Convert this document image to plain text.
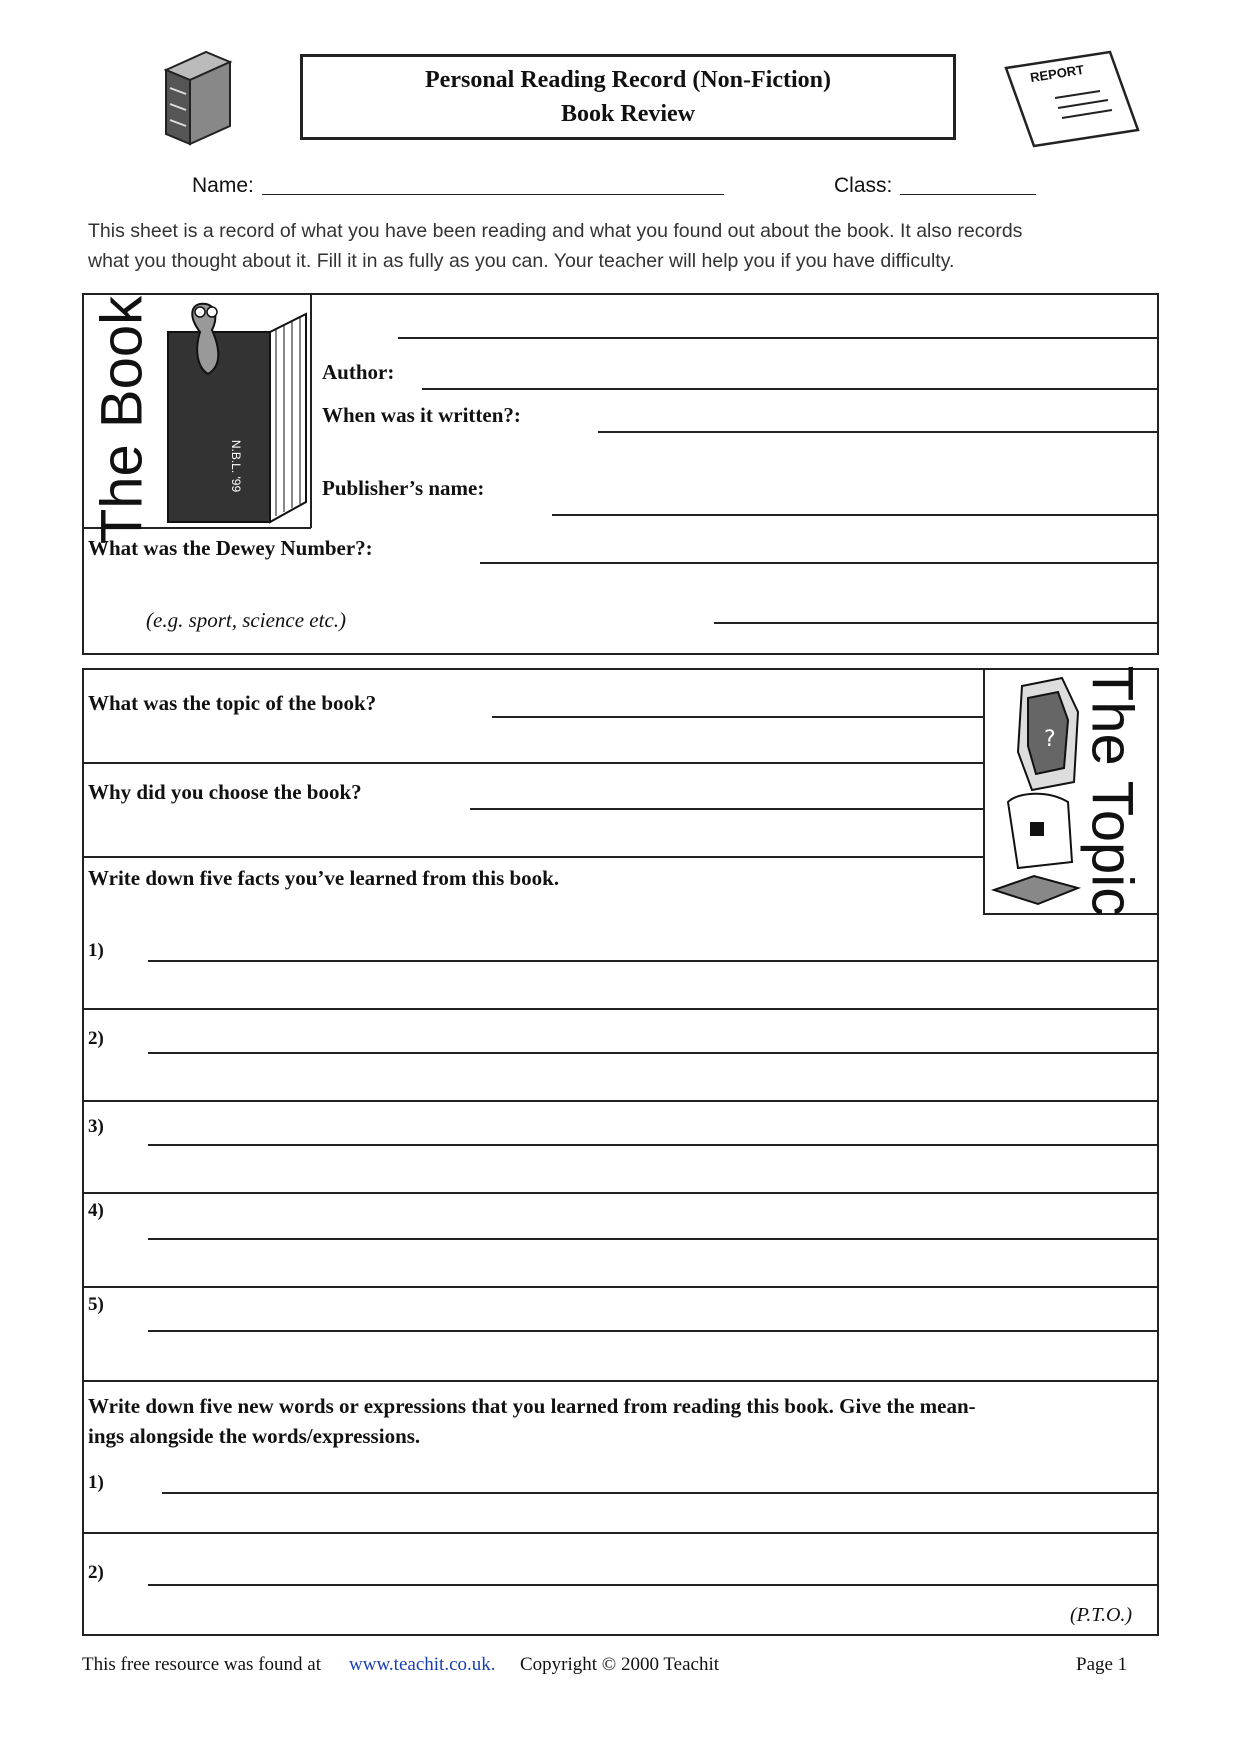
Personal Reading Record (Non-Fiction)
Book Review
REPORT
Name:	Class:
This sheet is a record of what you have been reading and what you found out about the book. It also records
what you thought about it. Fill it in as fully as you can. Your teacher will help you if you have difficulty.
The Book	N.B.L. '99
Author:
When was it written?:
Publisher’s name:
What was the Dewey Number?:
(e.g. sport, science etc.)
The Topic
?
What was the topic of the book?
Why did you choose the book?
Write down five facts you’ve learned from this book.
1)
2)
3)
4)
5)
Write down five new words or expressions that you learned from reading this book. Give the mean-
ings alongside the words/expressions.
1)
2)
(P.T.O.)
This free resource was found at www.teachit.co.uk. Copyright © 2000 Teachit	Page 1
